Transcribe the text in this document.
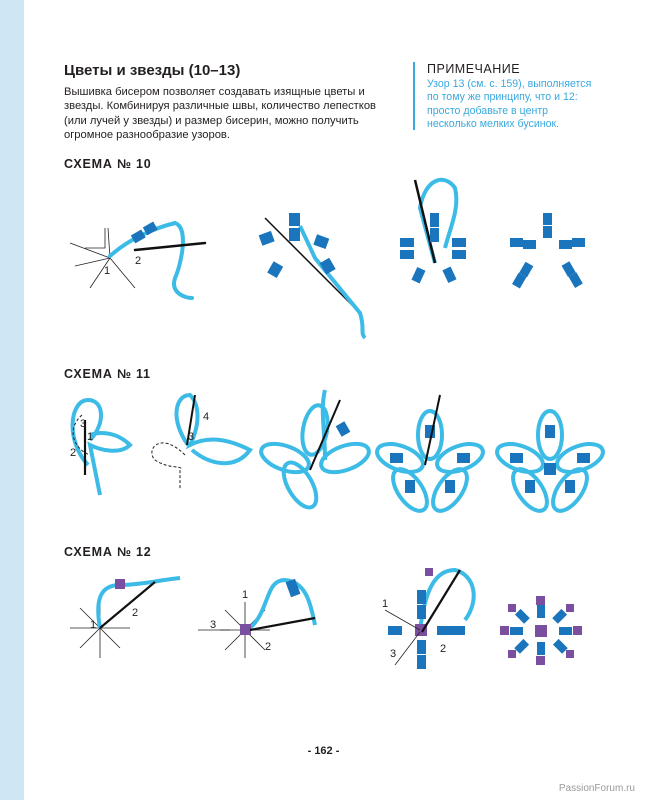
Цветы и звезды (10–13)

Вышивка бисером позволяет создавать изящные цветы и звезды. Комбинируя различные швы, количество лепестков (или лучей у звезды) и размер бисерин, можно получить огромное разнообразие узоров.

ПРИМЕЧАНИЕ

Узор 13 (см. с. 159), выполняется по тому же принципу, что и 12: просто добавьте в центр несколько мелких бусинок.

СХЕМА № 10
1
2
СХЕМА № 11
3
1
2
4
3
СХЕМА № 12
1
2
1
2
3
1
2
3
- 162 -
PassionForum.ru
